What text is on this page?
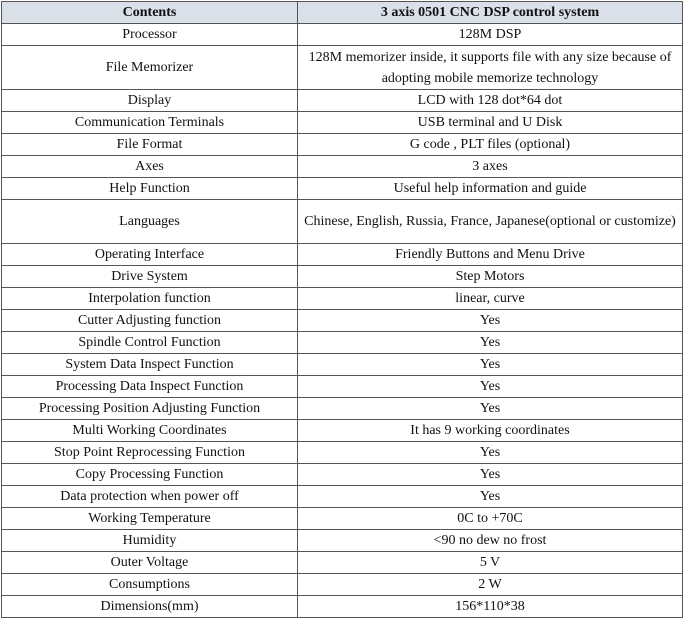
Contents	3 axis 0501 CNC DSP control system
Processor	128M DSP
File Memorizer	128M memorizer inside, it supports file with any size because of adopting mobile memorize technology
Display	LCD with 128 dot*64 dot
Communication Terminals	USB terminal and U Disk
File Format	G code , PLT files (optional)
Axes	3 axes
Help Function	Useful help information and guide
Languages	Chinese, English, Russia, France, Japanese(optional or customize)
Operating Interface	Friendly Buttons and Menu Drive
Drive System	Step Motors
Interpolation function	linear, curve
Cutter Adjusting function	Yes
Spindle Control Function	Yes
System Data Inspect Function	Yes
Processing Data Inspect Function	Yes
Processing Position Adjusting Function	Yes
Multi Working Coordinates	It has 9 working coordinates
Stop Point Reprocessing Function	Yes
Copy Processing Function	Yes
Data protection when power off	Yes
Working Temperature	0C to +70C
Humidity	<90 no dew no frost
Outer Voltage	5 V
Consumptions	2 W
Dimensions(mm)	156*110*38
